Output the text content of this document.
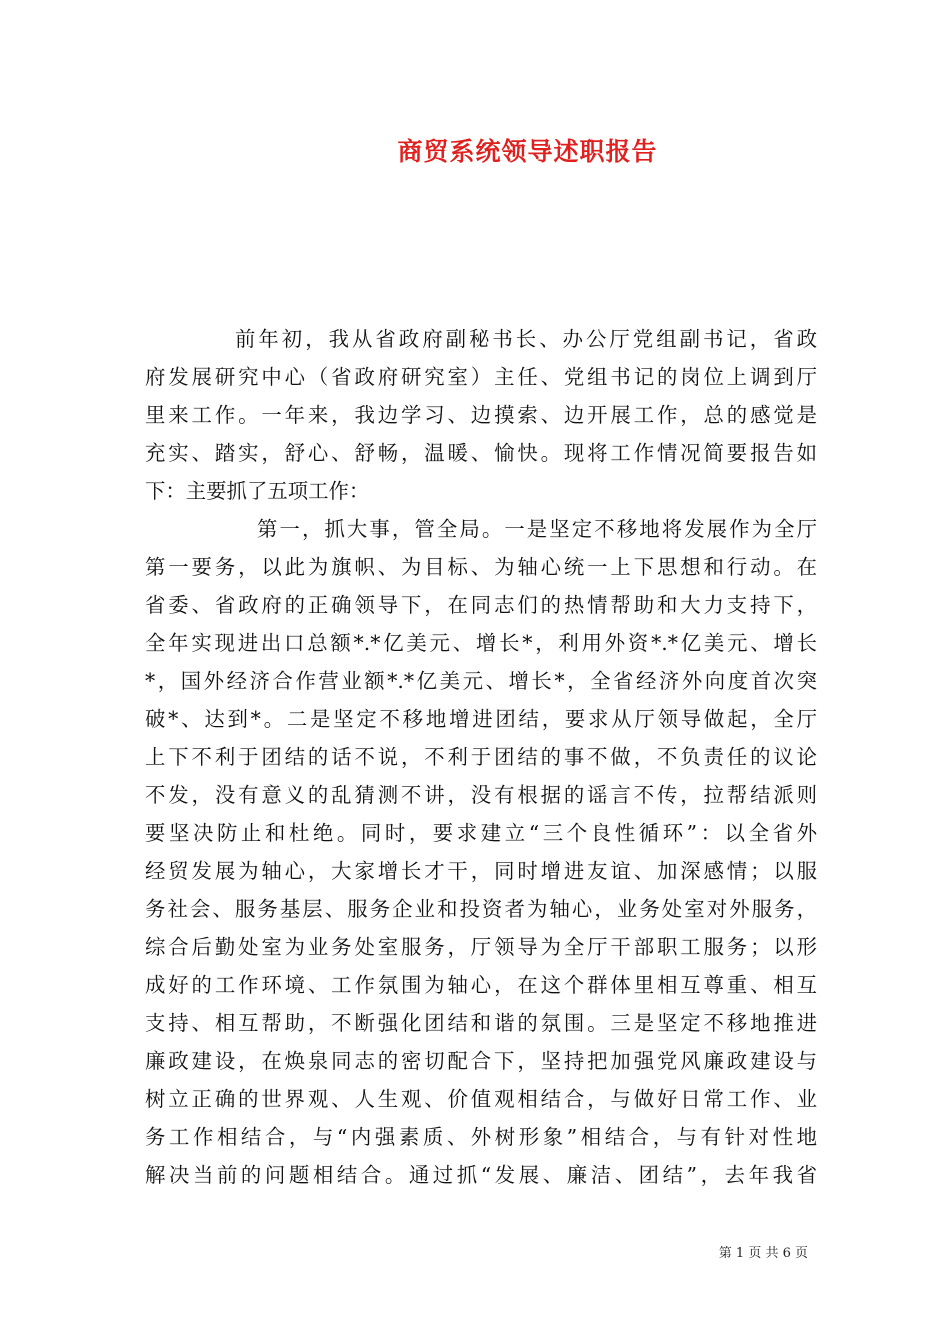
商贸系统领导述职报告
前年初，我从省政府副秘书长、办公厅党组副书记，省政
府发展研究中心（省政府研究室）主任、党组书记的岗位上调到厅
里来工作。一年来，我边学习、边摸索、边开展工作，总的感觉是
充实、踏实，舒心、舒畅，温暖、愉快。现将工作情况简要报告如
下：主要抓了五项工作：
第一，抓大事，管全局。一是坚定不移地将发展作为全厅
第一要务，以此为旗帜、为目标、为轴心统一上下思想和行动。在
省委、省政府的正确领导下，在同志们的热情帮助和大力支持下，
全年实现进出口总额*.*亿美元、增长*，利用外资*.*亿美元、增长
*，国外经济合作营业额*.*亿美元、增长*，全省经济外向度首次突
破*、达到*。二是坚定不移地增进团结，要求从厅领导做起，全厅
上下不利于团结的话不说，不利于团结的事不做，不负责任的议论
不发，没有意义的乱猜测不讲，没有根据的谣言不传，拉帮结派则
要坚决防止和杜绝。同时，要求建立“三个良性循环”：以全省外
经贸发展为轴心，大家增长才干，同时增进友谊、加深感情；以服
务社会、服务基层、服务企业和投资者为轴心，业务处室对外服务，
综合后勤处室为业务处室服务，厅领导为全厅干部职工服务；以形
成好的工作环境、工作氛围为轴心，在这个群体里相互尊重、相互
支持、相互帮助，不断强化团结和谐的氛围。三是坚定不移地推进
廉政建设，在焕泉同志的密切配合下，坚持把加强党风廉政建设与
树立正确的世界观、人生观、价值观相结合，与做好日常工作、业
务工作相结合，与“内强素质、外树形象”相结合，与有针对性地
解决当前的问题相结合。通过抓“发展、廉洁、团结”，去年我省
第 1 页 共 6 页
